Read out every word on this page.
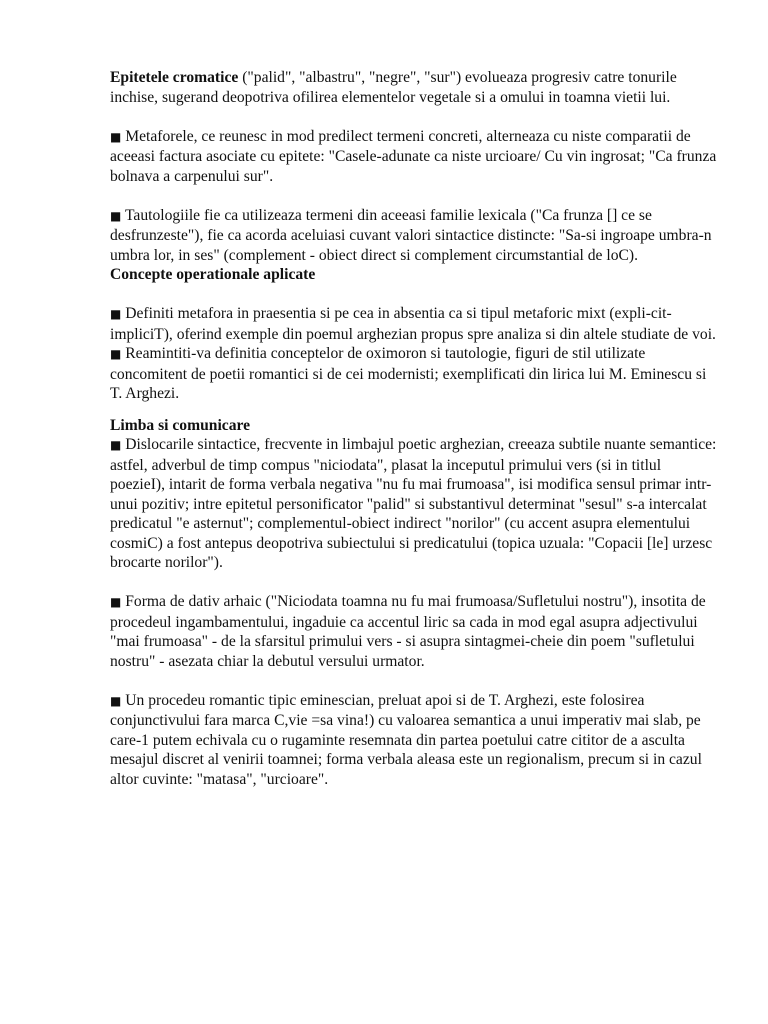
Epitetele cromatice ("palid", "albastru", "negre", "sur") evolueaza progresiv catre tonurile inchise, sugerand deopotriva ofilirea elementelor vegetale si a omului in toamna vietii lui.

■ Metaforele, ce reunesc in mod predilect termeni concreti, alterneaza cu niste comparatii de aceeasi factura asociate cu epitete: "Casele-adunate ca niste urcioare/ Cu vin ingrosat; "Ca frunza bolnava a carpenului sur".

■ Tautologiile fie ca utilizeaza termeni din aceeasi familie lexicala ("Ca frunza [] ce se desfrunzeste"), fie ca acorda aceluiasi cuvant valori sintactice distincte: "Sa-si ingroape umbra-n umbra lor, in ses" (complement - obiect direct si complement circumstantial de loC).

Concepte operationale aplicate

■ Definiti metafora in praesentia si pe cea in absentia ca si tipul metaforic mixt (expli-cit-impliciT), oferind exemple din poemul arghezian propus spre analiza si din altele studiate de voi.

■ Reamintiti-va definitia conceptelor de oximoron si tautologie, figuri de stil utilizate concomitent de poetii romantici si de cei modernisti; exemplificati din lirica lui M. Eminescu si T. Arghezi.

Limba si comunicare

■ Dislocarile sintactice, frecvente in limbajul poetic arghezian, creeaza subtile nuante semantice: astfel, adverbul de timp compus "niciodata", plasat la inceputul primului vers (si in titlul poezieI), intarit de forma verbala negativa "nu fu mai frumoasa", isi modifica sensul primar intr-unui pozitiv; intre epitetul personificator "palid" si substantivul determinat "sesul" s-a intercalat predicatul "e asternut"; complementul-obiect indirect "norilor" (cu accent asupra elementului cosmiC) a fost antepus deopotriva subiectului si predicatului (topica uzuala: "Copacii [le] urzesc brocarte norilor").

■ Forma de dativ arhaic ("Niciodata toamna nu fu mai frumoasa/Sufletului nostru"), insotita de procedeul ingambamentului, ingaduie ca accentul liric sa cada in mod egal asupra adjectivului "mai frumoasa" - de la sfarsitul primului vers - si asupra sintagmei-cheie din poem "sufletului nostru" - asezata chiar la debutul versului urmator.

■ Un procedeu romantic tipic eminescian, preluat apoi si de T. Arghezi, este folosirea conjunctivului fara marca C,vie =sa vina!) cu valoarea semantica a unui imperativ mai slab, pe care-1 putem echivala cu o rugaminte resemnata din partea poetului catre cititor de a asculta mesajul discret al venirii toamnei; forma verbala aleasa este un regionalism, precum si in cazul altor cuvinte: "matasa", "urcioare".
